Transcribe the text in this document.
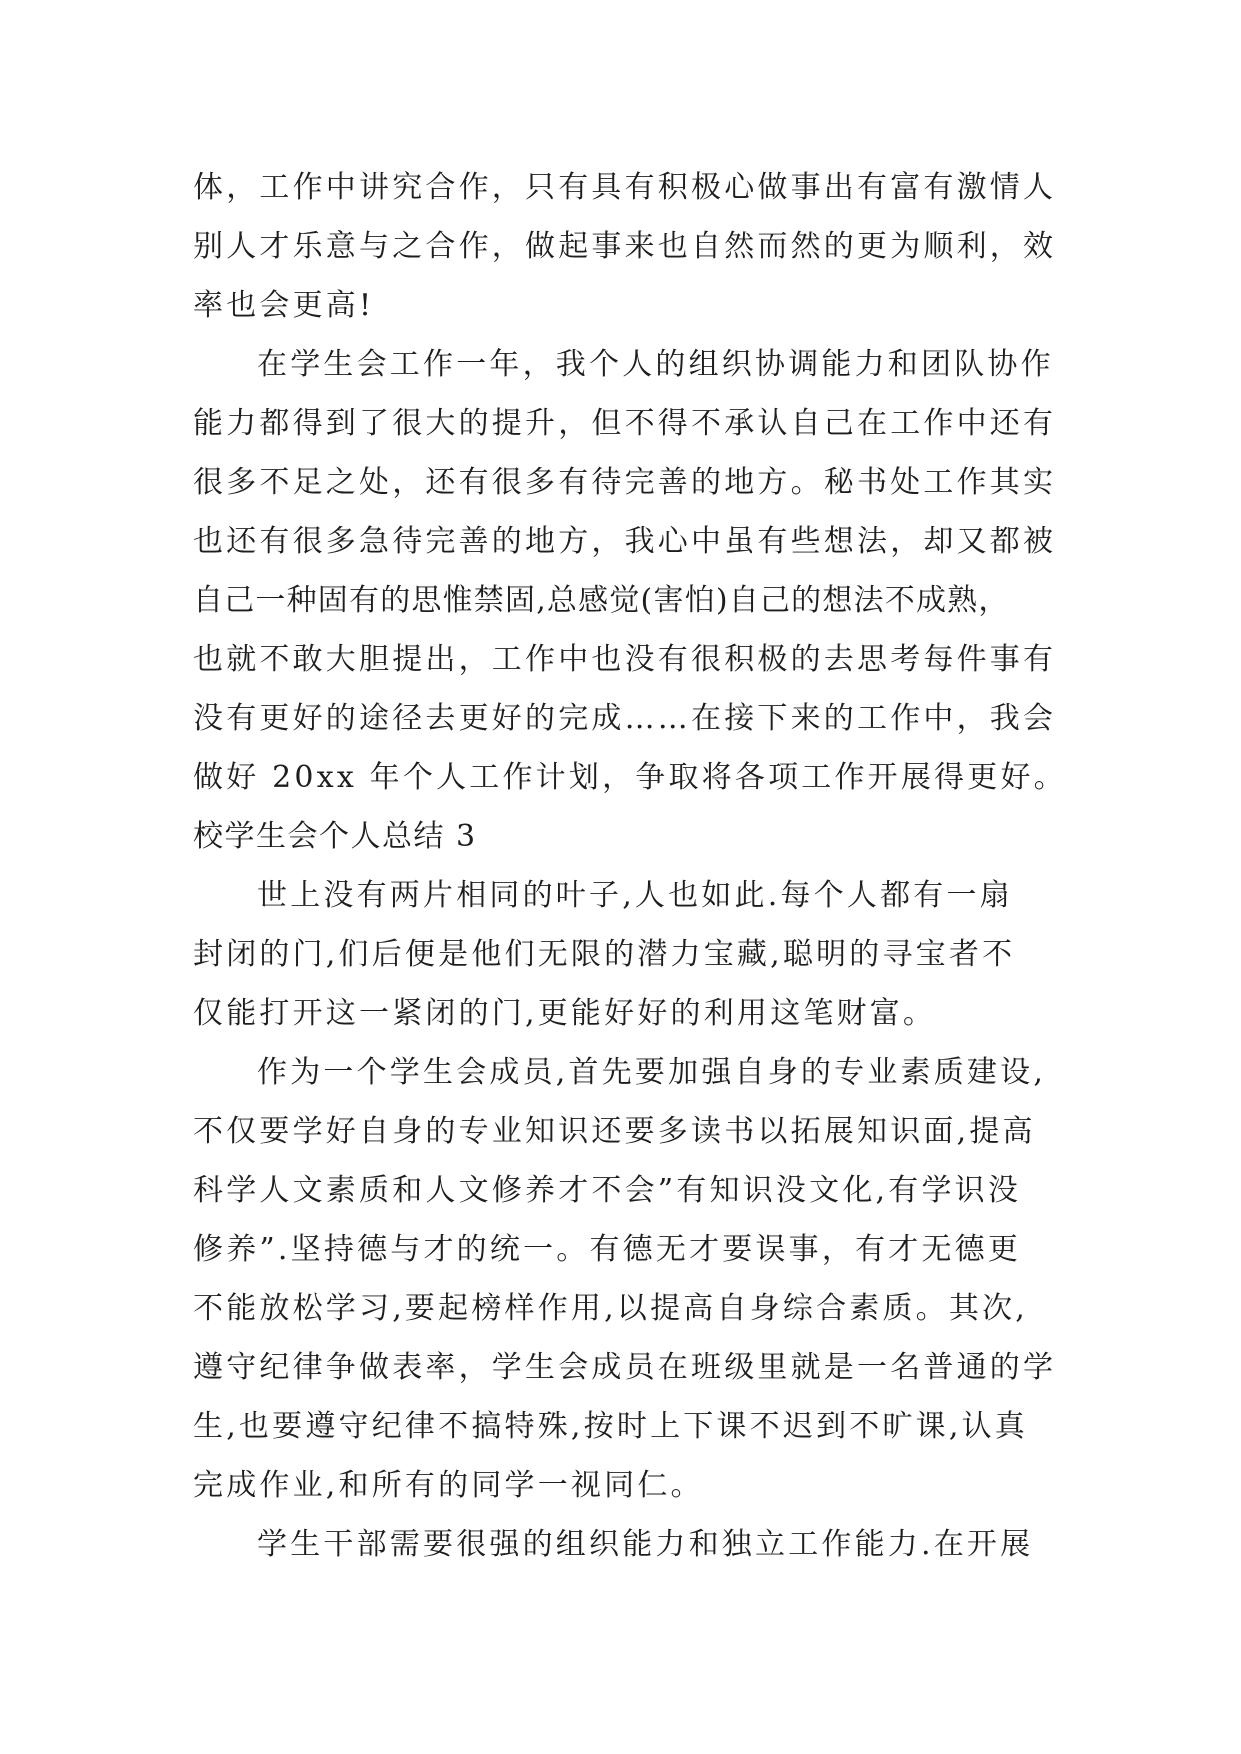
体，工作中讲究合作，只有具有积极心做事出有富有激情人
别人才乐意与之合作，做起事来也自然而然的更为顺利，效
率也会更高!
在学生会工作一年，我个人的组织协调能力和团队协作
能力都得到了很大的提升，但不得不承认自己在工作中还有
很多不足之处，还有很多有待完善的地方。秘书处工作其实
也还有很多急待完善的地方，我心中虽有些想法，却又都被
自己一种固有的思惟禁固,总感觉(害怕)自己的想法不成熟，
也就不敢大胆提出，工作中也没有很积极的去思考每件事有
没有更好的途径去更好的完成……在接下来的工作中，我会
做好 20xx 年个人工作计划，争取将各项工作开展得更好。
校学生会个人总结 3
世上没有两片相同的叶子,人也如此.每个人都有一扇
封闭的门,们后便是他们无限的潜力宝藏,聪明的寻宝者不
仅能打开这一紧闭的门,更能好好的利用这笔财富。
作为一个学生会成员,首先要加强自身的专业素质建设,
不仅要学好自身的专业知识还要多读书以拓展知识面,提高
科学人文素质和人文修养才不会”有知识没文化,有学识没
修养”.坚持德与才的统一。有德无才要误事，有才无德更
不能放松学习,要起榜样作用,以提高自身综合素质。其次,
遵守纪律争做表率，学生会成员在班级里就是一名普通的学
生,也要遵守纪律不搞特殊,按时上下课不迟到不旷课,认真
完成作业,和所有的同学一视同仁。
学生干部需要很强的组织能力和独立工作能力.在开展
